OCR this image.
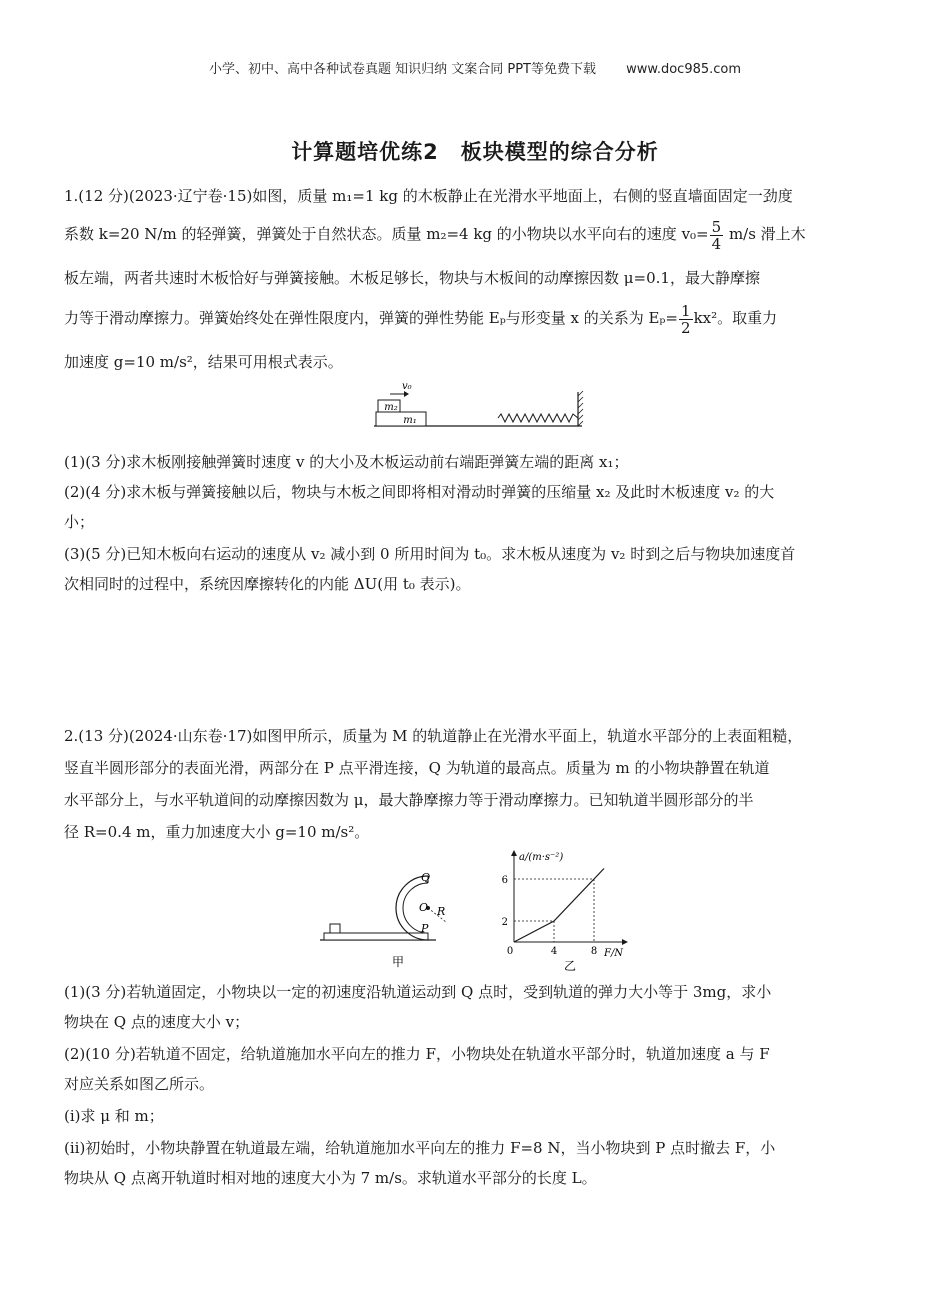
小学、初中、高中各种试卷真题 知识归纳 文案合同 PPT等免费下载 www.doc985.com
计算题培优练2　板块模型的综合分析

1.(12 分)(2023·辽宁卷·15)如图，质量 m₁=1 kg 的木板静止在光滑水平地面上，右侧的竖直墙面固定一劲度

系数 k=20 N/m 的轻弹簧，弹簧处于自然状态。质量 m₂=4 kg 的小物块以水平向右的速度 $v_0= \frac{5}{4} m/s$ 滑上木

板左端，两者共速时木板恰好与弹簧接触。木板足够长，物块与木板间的动摩擦因数 μ=0.1，最大静摩擦

力等于滑动摩擦力。弹簧始终处在弹性限度内，弹簧的弹性势能 Eₚ与形变量 x 的关系为 $E_p= \frac{1}{2} kx^2$。取重力

加速度 g=10 m/s²，结果可用根式表示。

v₀
m₂
m₁

(1)(3 分)求木板刚接触弹簧时速度 v 的大小及木板运动前右端距弹簧左端的距离 x₁；

(2)(4 分)求木板与弹簧接触以后，物块与木板之间即将相对滑动时弹簧的压缩量 x₂ 及此时木板速度 v₂ 的大

小；

(3)(5 分)已知木板向右运动的速度从 v₂ 减小到 0 所用时间为 t₀。求木板从速度为 v₂ 时到之后与物块加速度首

次相同时的过程中，系统因摩擦转化的内能 ΔU(用 t₀ 表示)。

2.(13 分)(2024·山东卷·17)如图甲所示，质量为 M 的轨道静止在光滑水平面上，轨道水平部分的上表面粗糙，

竖直半圆形部分的表面光滑，两部分在 P 点平滑连接，Q 为轨道的最高点。质量为 m 的小物块静置在轨道

水平部分上，与水平轨道间的动摩擦因数为 μ，最大静摩擦力等于滑动摩擦力。已知轨道半圆形部分的半

径 R=0.4 m，重力加速度大小 g=10 m/s²。

Q
O R
P
甲
a/(m·s⁻²)
F/N
乙
0	4	8
2
6

(1)(3 分)若轨道固定，小物块以一定的初速度沿轨道运动到 Q 点时，受到轨道的弹力大小等于 3mg，求小

物块在 Q 点的速度大小 v；

(2)(10 分)若轨道不固定，给轨道施加水平向左的推力 F，小物块处在轨道水平部分时，轨道加速度 a 与 F

对应关系如图乙所示。

(ⅰ)求 μ 和 m；

(ⅱ)初始时，小物块静置在轨道最左端，给轨道施加水平向左的推力 F=8 N，当小物块到 P 点时撤去 F，小

物块从 Q 点离开轨道时相对地的速度大小为 7 m/s。求轨道水平部分的长度 L。
